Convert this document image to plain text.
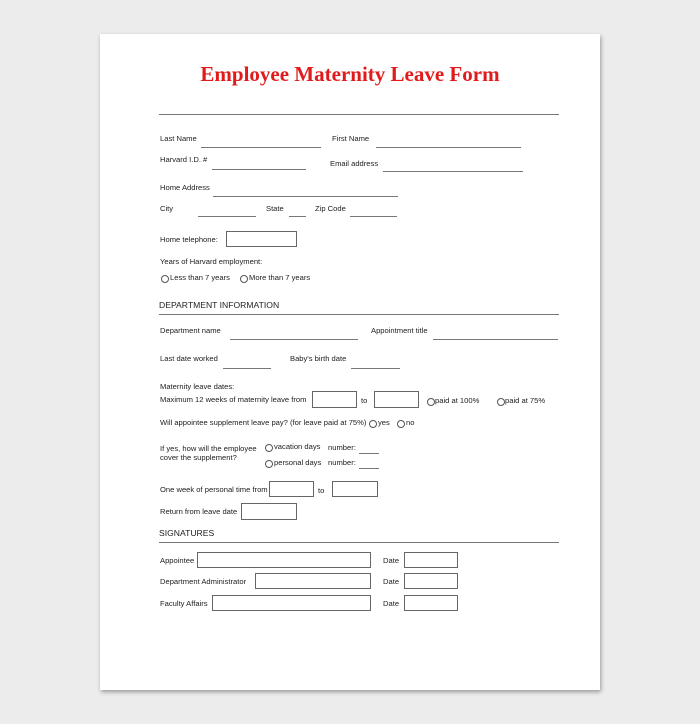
Employee Maternity Leave Form
Last Name	First Name
Harvard I.D. #	Email address
Home Address
City	State	Zip Code
Home telephone:
Years of Harvard employment:
Less than 7 years	More than 7 years
DEPARTMENT INFORMATION
Department name	Appointment title
Last date worked	Baby's birth date
Maternity leave dates:
Maximum 12 weeks of maternity leave from	to	paid at 100%	paid at 75%
Will appointee supplement leave pay? (for leave paid at 75%) yes no
If yes, how will the employee
cover the supplement?
vacation days number:
personal days number:
One week of personal time from	to
Return from leave date
SIGNATURES
Appointee	Date
Department Administrator	Date
Faculty Affairs	Date
